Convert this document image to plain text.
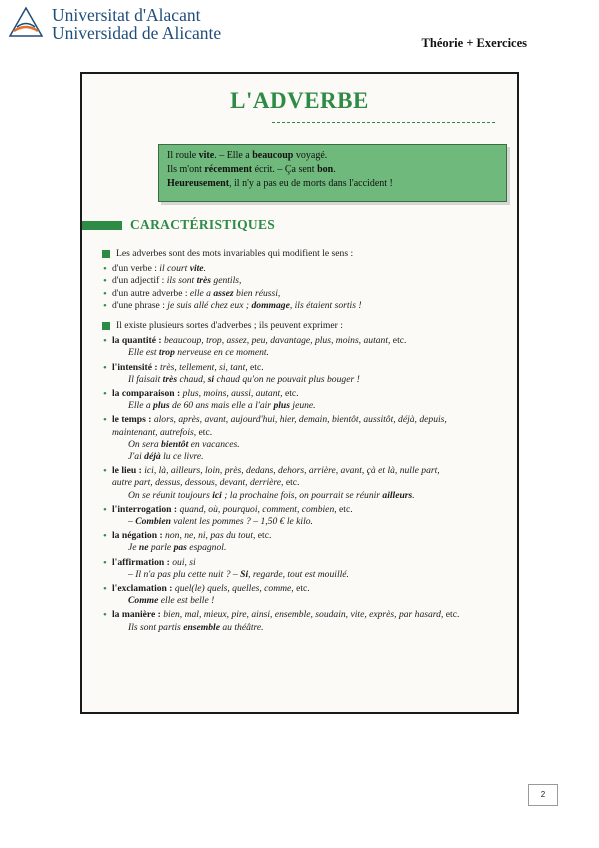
Universitat d'Alacant
Universidad de Alicante	Théorie + Exercices
L'ADVERBE
Il roule vite. – Elle a beaucoup voyagé.
Ils m'ont récemment écrit. – Ça sent bon.
Heureusement, il n'y a pas eu de morts dans l'accident !
CARACTÉRISTIQUES
Les adverbes sont des mots invariables qui modifient le sens :
• d'un verbe : il court vite.
• d'un adjectif : ils sont très gentils,
• d'un autre adverbe : elle a assez bien réussi,
• d'une phrase : je suis allé chez eux ; dommage, ils étaient sortis !
Il existe plusieurs sortes d'adverbes ; ils peuvent exprimer :
• la quantité : beaucoup, trop, assez, peu, davantage, plus, moins, autant, etc.
Elle est trop nerveuse en ce moment.
• l'intensité : très, tellement, si, tant, etc.
Il faisait très chaud, si chaud qu'on ne pouvait plus bouger !
• la comparaison : plus, moins, aussi, autant, etc.
Elle a plus de 60 ans mais elle a l'air plus jeune.
• le temps : alors, après, avant, aujourd'hui, hier, demain, bientôt, aussitôt, déjà, depuis,
maintenant, autrefois, etc.
On sera bientôt en vacances.
J'ai déjà lu ce livre.
• le lieu : ici, là, ailleurs, loin, près, dedans, dehors, arrière, avant, çà et là, nulle part,
autre part, dessus, dessous, devant, derrière, etc.
On se réunit toujours ici ; la prochaine fois, on pourrait se réunir ailleurs.
• l'interrogation : quand, où, pourquoi, comment, combien, etc.
– Combien valent les pommes ? – 1,50 € le kilo.
• la négation : non, ne, ni, pas du tout, etc.
Je ne parle pas espagnol.
• l'affirmation : oui, si
– Il n'a pas plu cette nuit ? – Si, regarde, tout est mouillé.
• l'exclamation : quel(le) quels, quelles, comme, etc.
Comme elle est belle !
• la manière : bien, mal, mieux, pire, ainsi, ensemble, soudain, vite, exprès, par hasard, etc.
Ils sont partis ensemble au théâtre.
2
